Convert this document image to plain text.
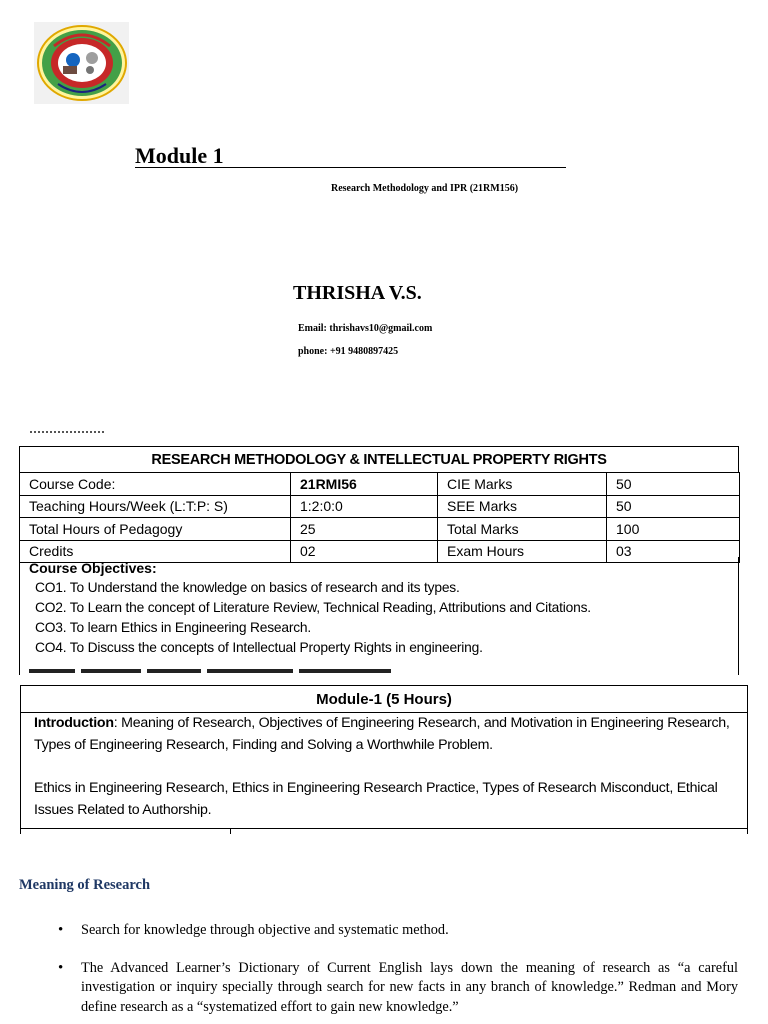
Module 1
Research Methodology and IPR (21RM156)
THRISHA V.S.
Email: thrishavs10@gmail.com
phone: +91 9480897425
RESEARCH METHODOLOGY & INTELLECTUAL PROPERTY RIGHTS
Course Code:	21RMI56	CIE Marks	50
Teaching Hours/Week (L:T:P: S)	1:2:0:0	SEE Marks	50
Total Hours of Pedagogy	25	Total Marks	100
Credits	02	Exam Hours	03
Course Objectives:
CO1. To Understand the knowledge on basics of research and its types.
CO2. To Learn the concept of Literature Review, Technical Reading, Attributions and Citations.
CO3. To learn Ethics in Engineering Research.
CO4. To Discuss the concepts of Intellectual Property Rights in engineering.
Module-1 (5 Hours)
Introduction: Meaning of Research, Objectives of Engineering Research, and Motivation in Engineering Research, Types of Engineering Research, Finding and Solving a Worthwhile Problem.
Ethics in Engineering Research, Ethics in Engineering Research Practice, Types of Research Misconduct, Ethical Issues Related to Authorship.
Meaning of Research
• Search for knowledge through objective and systematic method.
• The Advanced Learner’s Dictionary of Current English lays down the meaning of research as “a careful investigation or inquiry specially through search for new facts in any branch of knowledge.” Redman and Mory define research as a “systematized effort to gain new knowledge.”
